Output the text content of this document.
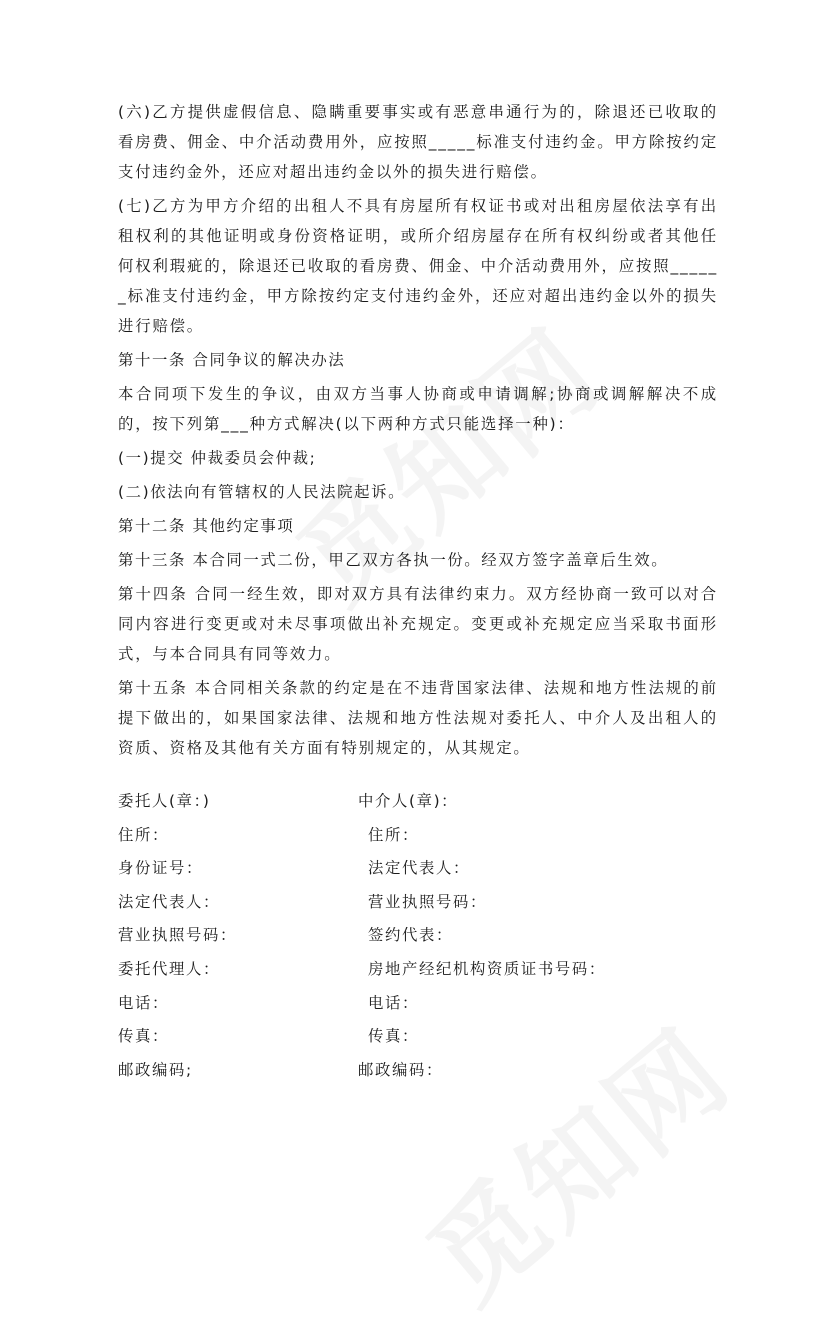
(六)乙方提供虚假信息、隐瞒重要事实或有恶意串通行为的，除退还已收取的看房费、佣金、中介活动费用外，应按照_____标准支付违约金。甲方除按约定支付违约金外，还应对超出违约金以外的损失进行赔偿。

(七)乙方为甲方介绍的出租人不具有房屋所有权证书或对出租房屋依法享有出租权利的其他证明或身份资格证明，或所介绍房屋存在所有权纠纷或者其他任何权利瑕疵的，除退还已收取的看房费、佣金、中介活动费用外，应按照______标准支付违约金，甲方除按约定支付违约金外，还应对超出违约金以外的损失进行赔偿。

第十一条 合同争议的解决办法

本合同项下发生的争议，由双方当事人协商或申请调解;协商或调解解决不成的，按下列第___种方式解决(以下两种方式只能选择一种)：

(一)提交 仲裁委员会仲裁;

(二)依法向有管辖权的人民法院起诉。

第十二条 其他约定事项

第十三条 本合同一式二份，甲乙双方各执一份。经双方签字盖章后生效。

第十四条 合同一经生效，即对双方具有法律约束力。双方经协商一致可以对合同内容进行变更或对未尽事项做出补充规定。变更或补充规定应当采取书面形式，与本合同具有同等效力。

第十五条 本合同相关条款的约定是在不违背国家法律、法规和地方性法规的前提下做出的，如果国家法律、法规和地方性法规对委托人、中介人及出租人的资质、资格及其他有关方面有特别规定的，从其规定。

委托人(章：)	中介人(章)：
住所：	住所：
身份证号：	法定代表人：
法定代表人：	营业执照号码：
营业执照号码：	签约代表：
委托代理人：	房地产经纪机构资质证书号码：
电话：	电话：
传真：	传真：
邮政编码;	邮政编码：
